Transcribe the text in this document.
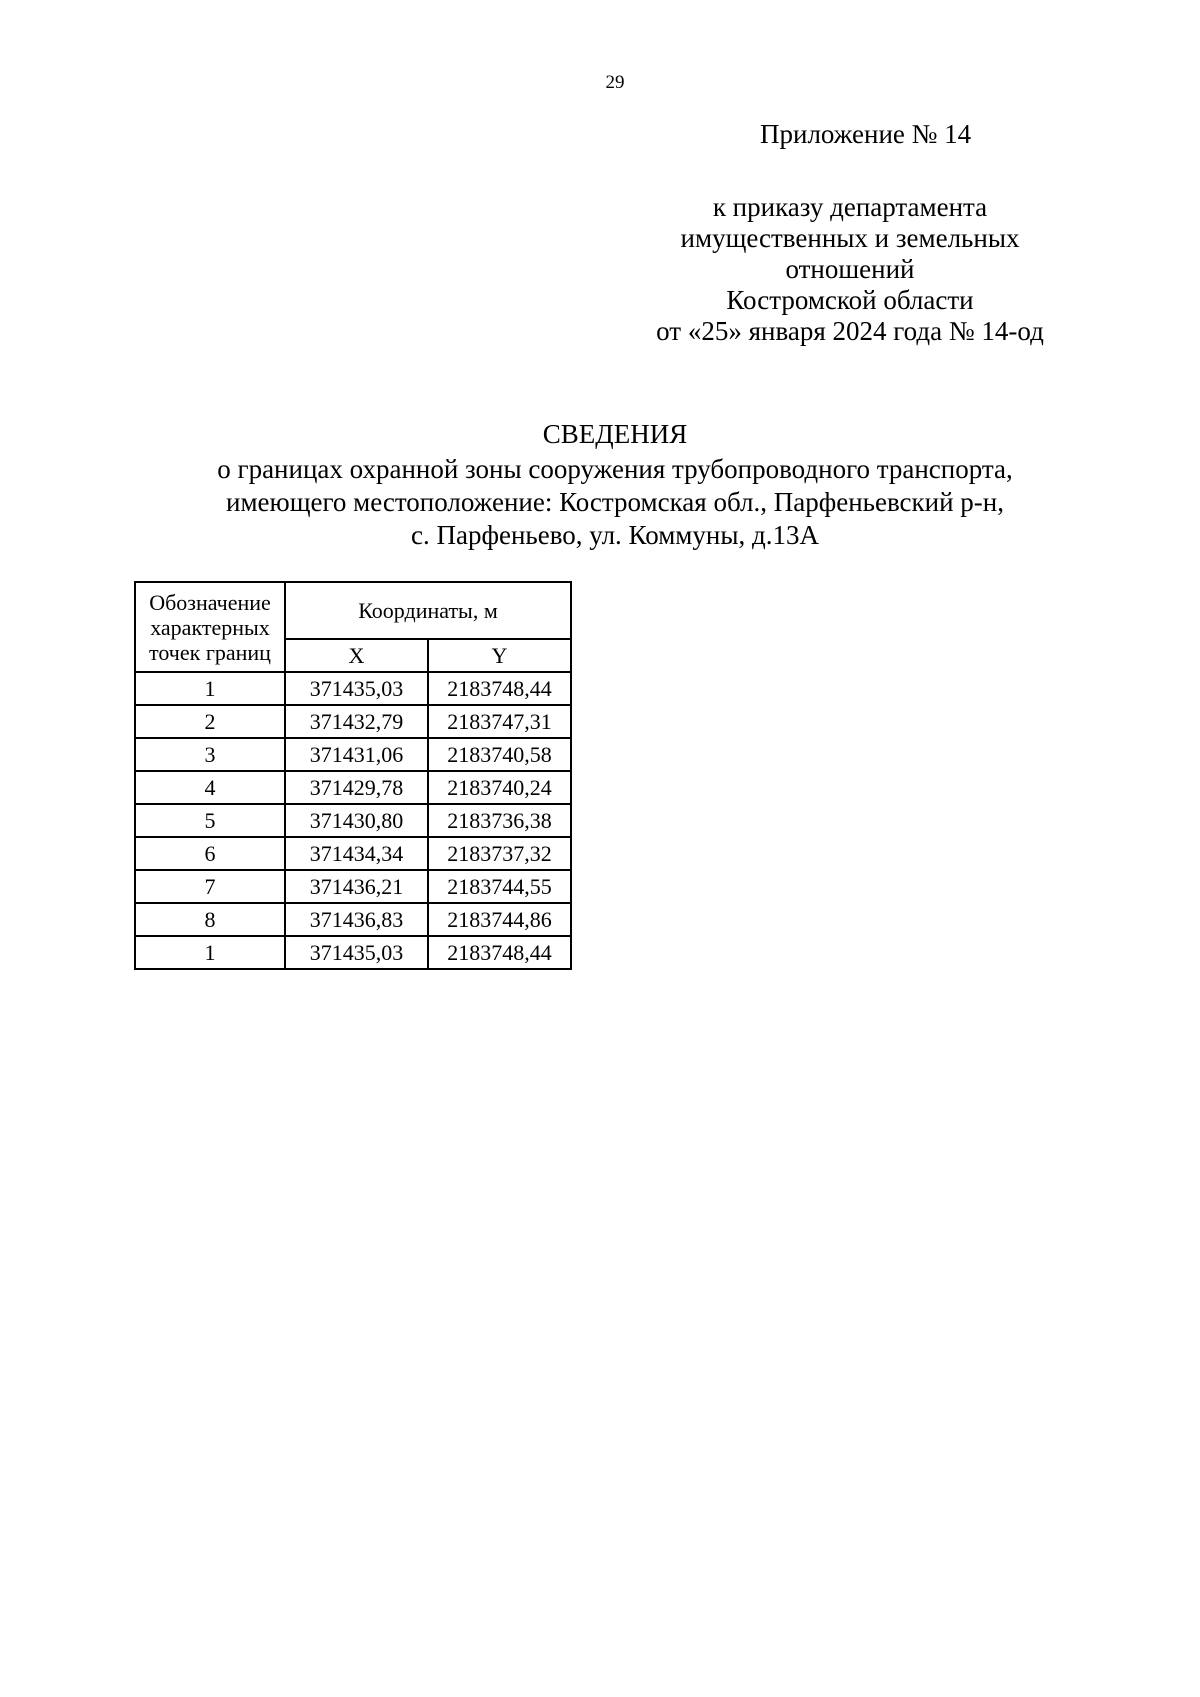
29
Приложение № 14
к приказу департамента
имущественных и земельных
отношений
Костромской области
от «25» января 2024 года № 14-од
СВЕДЕНИЯ
о границах охранной зоны сооружения трубопроводного транспорта,
имеющего местоположение: Костромская обл., Парфеньевский р-н,
с. Парфеньево, ул. Коммуны, д.13А
Обозначение
характерных
точек границ	Координаты, м	
	X	Y
1	371435,03	2183748,44
2	371432,79	2183747,31
3	371431,06	2183740,58
4	371429,78	2183740,24
5	371430,80	2183736,38
6	371434,34	2183737,32
7	371436,21	2183744,55
8	371436,83	2183744,86
1	371435,03	2183748,44
